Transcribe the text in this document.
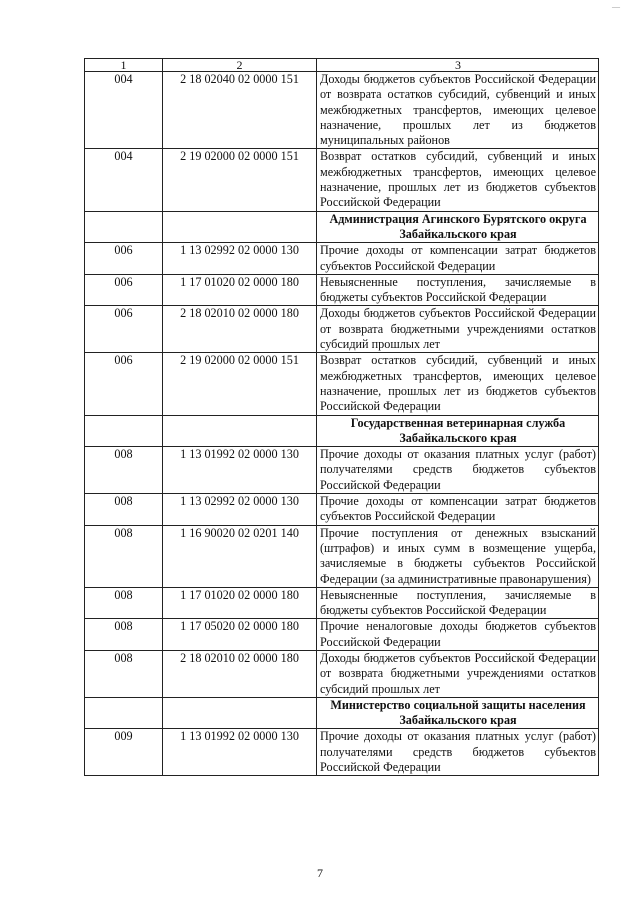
—
1	2	3
004	2 18 02040 02 0000 151	Доходы бюджетов субъектов Российской Федерации от возврата остатков субсидий, субвенций и иных межбюджетных трансфертов, имеющих целевое назначение, прошлых лет из бюджетов муниципальных районов
004	2 19 02000 02 0000 151	Возврат остатков субсидий, субвенций и иных межбюджетных трансфертов, имеющих целевое назначение, прошлых лет из бюджетов субъектов Российской Федерации
		Администрация Агинского Бурятского округа Забайкальского края
006	1 13 02992 02 0000 130	Прочие доходы от компенсации затрат бюджетов субъектов Российской Федерации
006	1 17 01020 02 0000 180	Невыясненные поступления, зачисляемые в бюджеты субъектов Российской Федерации
006	2 18 02010 02 0000 180	Доходы бюджетов субъектов Российской Федерации от возврата бюджетными учреждениями остатков субсидий прошлых лет
006	2 19 02000 02 0000 151	Возврат остатков субсидий, субвенций и иных межбюджетных трансфертов, имеющих целевое назначение, прошлых лет из бюджетов субъектов Российской Федерации
		Государственная ветеринарная служба Забайкальского края
008	1 13 01992 02 0000 130	Прочие доходы от оказания платных услуг (работ) получателями средств бюджетов субъектов Российской Федерации
008	1 13 02992 02 0000 130	Прочие доходы от компенсации затрат бюджетов субъектов Российской Федерации
008	1 16 90020 02 0201 140	Прочие поступления от денежных взысканий (штрафов) и иных сумм в возмещение ущерба, зачисляемые в бюджеты субъектов Российской Федерации (за административные правонарушения)
008	1 17 01020 02 0000 180	Невыясненные поступления, зачисляемые в бюджеты субъектов Российской Федерации
008	1 17 05020 02 0000 180	Прочие неналоговые доходы бюджетов субъектов Российской Федерации
008	2 18 02010 02 0000 180	Доходы бюджетов субъектов Российской Федерации от возврата бюджетными учреждениями остатков субсидий прошлых лет
		Министерство социальной защиты населения Забайкальского края
009	1 13 01992 02 0000 130	Прочие доходы от оказания платных услуг (работ) получателями средств бюджетов субъектов Российской Федерации
7
